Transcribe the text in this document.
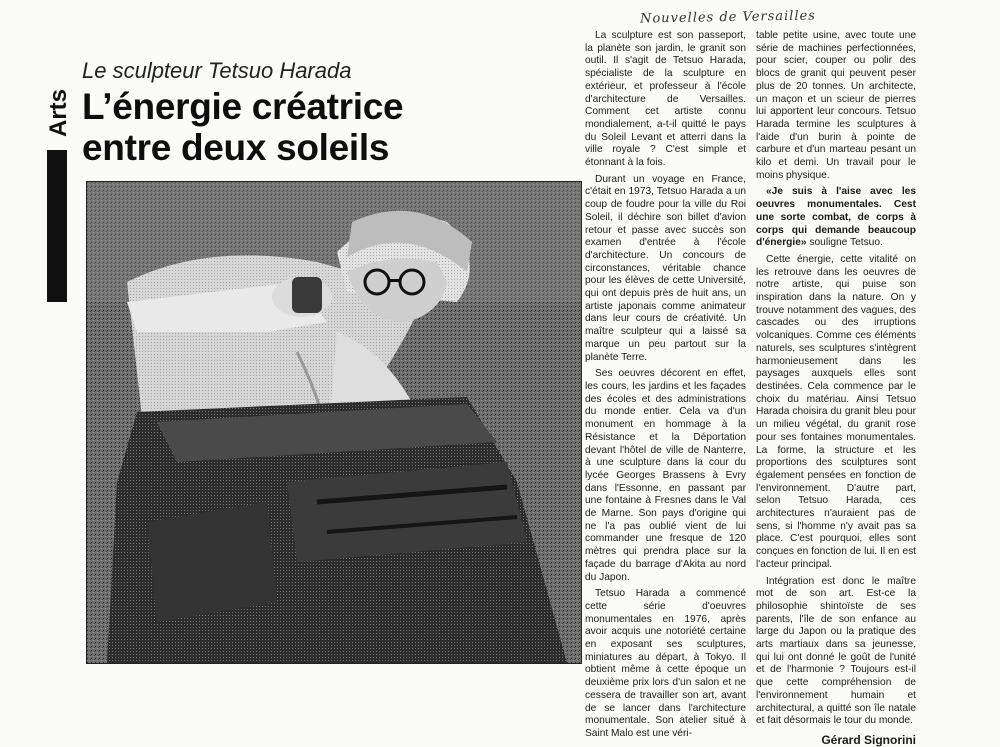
Nouvelles de Versailles
Arts
Le sculpteur Tetsuo Harada
L’énergie créatrice
entre deux soleils

La sculpture est son passeport, la planète son jardin, le granit son outil. Il s'agit de Tetsuo Harada, spécialiste de la sculpture en extérieur, et professeur à l'école d'architecture de Versailles. Comment cet artiste connu mondialement, a-t-il quitté le pays du Soleil Levant et atterri dans la ville royale ? C'est simple et étonnant à la fois.

Durant un voyage en France, c'était en 1973, Tetsuo Harada a un coup de foudre pour la ville du Roi Soleil, il déchire son billet d'avion retour et passe avec succès son examen d'entrée à l'école d'architecture. Un concours de circonstances, véritable chance pour les élèves de cette Université, qui ont depuis près de huit ans, un artiste japonais comme animateur dans leur cours de créativité. Un maître sculpteur qui a laissé sa marque un peu partout sur la planète Terre.

Ses oeuvres décorent en effet, les cours, les jardins et les façades des écoles et des administrations du monde entier. Cela va d'un monument en hommage à la Résistance et la Déportation devant l'hôtel de ville de Nanterre, à une sculpture dans la cour du lycée Georges Brassens à Evry dans l'Essonne, en passant par une fontaine à Fresnes dans le Val de Marne. Son pays d'origine qui ne l'a pas oublié vient de lui commander une fresque de 120 mètres qui prendra place sur la façade du barrage d'Akita au nord du Japon.

Tetsuo Harada a commencé cette série d'oeuvres monumentales en 1976, après avoir acquis une notoriété certaine en exposant ses sculptures, miniatures au départ, à Tokyo. Il obtient même à cette époque un deuxième prix lors d'un salon et ne cessera de travailler son art, avant de se lancer dans l'architecture monumentale. Son atelier situé à Saint Malo est une véri-

table petite usine, avec toute une série de machines perfectionnées, pour scier, couper ou polir des blocs de granit qui peuvent peser plus de 20 tonnes. Un architecte, un maçon et un scieur de pierres lui apportent leur concours. Tetsuo Harada termine les sculptures à l'aide d'un burin à pointe de carbure et d'un marteau pesant un kilo et demi. Un travail pour le moins physique.

«Je suis à l'aise avec les oeuvres monumentales. Cest une sorte combat, de corps à corps qui demande beaucoup d'énergie» souligne Tetsuo.

Cette énergie, cette vitalité on les retrouve dans les oeuvres de notre artiste, qui puise son inspiration dans la nature. On y trouve notamment des vagues, des cascades ou des irruptions volcaniques. Comme ces éléments naturels, ses sculptures s'intègrent harmonieusement dans les paysages auxquels elles sont destinées. Cela commence par le choix du matériau. Ainsi Tetsuo Harada choisira du granit bleu pour un milieu végétal, du granit rose pour ses fontaines monumentales. La forme, la structure et les proportions des sculptures sont également pensées en fonction de l'environnement. D'autre part, selon Tetsuo Harada, ces architectures n'auraient pas de sens, si l'homme n'y avait pas sa place. C'est pourquoi, elles sont conçues en fonction de lui. Il en est l'acteur principal.

Intégration est donc le maître mot de son art. Est-ce la philosophie shintoïste de ses parents, l'île de son enfance au large du Japon ou la pratique des arts martiaux dans sa jeunesse, qui lui ont donné le goût de l'unité et de l'harmonie ? Toujours est-il que cette compréhension de l'environnement humain et architectural, a quitté son île natale et fait désormais le tour du monde.

Gérard Signorini
